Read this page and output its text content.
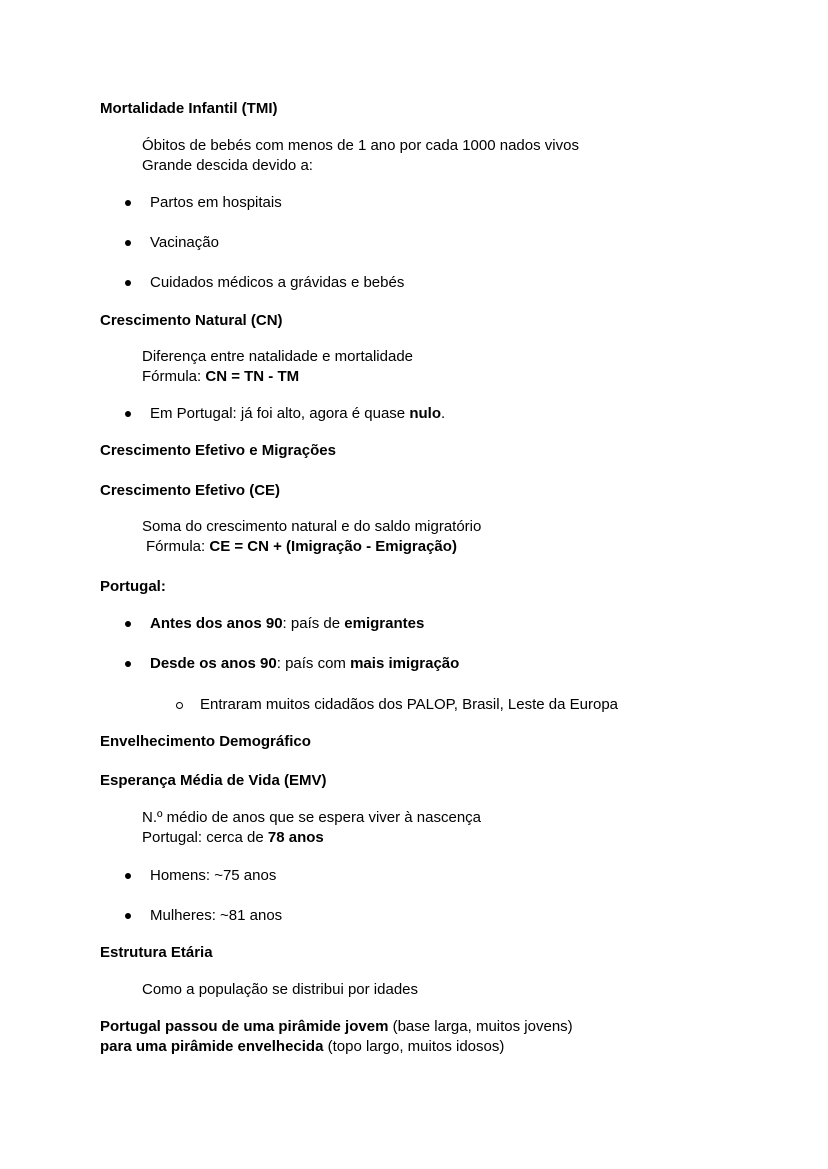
Mortalidade Infantil (TMI)
Óbitos de bebés com menos de 1 ano por cada 1000 nados vivos
Grande descida devido a:
Partos em hospitais
Vacinação
Cuidados médicos a grávidas e bebés
Crescimento Natural (CN)
Diferença entre natalidade e mortalidade
Fórmula: CN = TN - TM
Em Portugal: já foi alto, agora é quase nulo.
Crescimento Efetivo e Migrações
Crescimento Efetivo (CE)
Soma do crescimento natural e do saldo migratório
Fórmula: CE = CN + (Imigração - Emigração)
Portugal:
Antes dos anos 90: país de emigrantes
Desde os anos 90: país com mais imigração
Entraram muitos cidadãos dos PALOP, Brasil, Leste da Europa
Envelhecimento Demográfico
Esperança Média de Vida (EMV)
N.º médio de anos que se espera viver à nascença
Portugal: cerca de 78 anos
Homens: ~75 anos
Mulheres: ~81 anos
Estrutura Etária
Como a população se distribui por idades
Portugal passou de uma pirâmide jovem (base larga, muitos jovens)
para uma pirâmide envelhecida (topo largo, muitos idosos)
